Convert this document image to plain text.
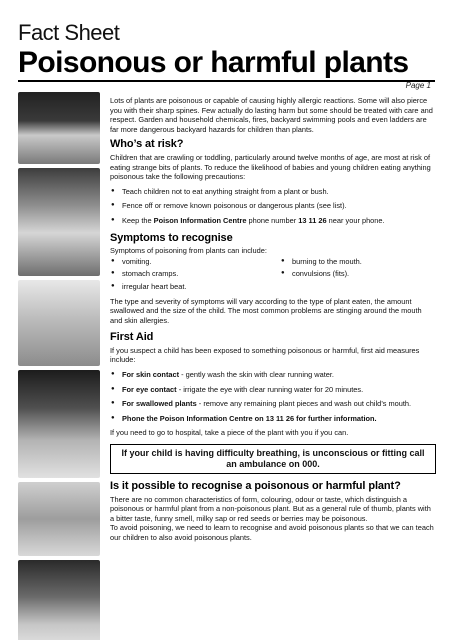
Fact Sheet
Poisonous or harmful plants
Page 1

Lots of plants are poisonous or capable of causing highly allergic reactions. Some will also pierce you with their sharp spines. Few actually do lasting harm but some should be treated with care and respect. Garden and household chemicals, fires, backyard swimming pools and even ladders are far more dangerous backyard hazards for children than plants.

Who’s at risk?

Children that are crawling or toddling, particularly around twelve months of age, are most at risk of eating strange bits of plants. To reduce the likelihood of babies and young children eating anything poisonous take the following precautions:

● Teach children not to eat anything straight from a plant or bush.
● Fence off or remove known poisonous or dangerous plants (see list).
● Keep the Poison Information Centre phone number 13 11 26 near your phone.
Symptoms to recognise

Symptoms of poisoning from plants can include:

● vomiting.
● stomach cramps.
● irregular heart beat.
● burning to the mouth.
● convulsions (fits).

The type and severity of symptoms will vary according to the type of plant eaten, the amount swallowed and the size of the child. The most common problems are stinging around the mouth and skin allergies.

First Aid

If you suspect a child has been exposed to something poisonous or harmful, first aid measures include:

● For skin contact - gently wash the skin with clear running water.
● For eye contact - irrigate the eye with clear running water for 20 minutes.
● For swallowed plants - remove any remaining plant pieces and wash out child’s mouth.
● Phone the Poison Information Centre on 13 11 26 for further information.

If you need to go to hospital, take a piece of the plant with you if you can.

If your child is having difficulty breathing, is unconscious or fitting call an ambulance on 000.
Is it possible to recognise a poisonous or harmful plant?

There are no common characteristics of form, colouring, odour or taste, which distinguish a poisonous or harmful plant from a non-poisonous plant. But as a general rule of thumb, plants with a bitter taste, funny smell, milky sap or red seeds or berries may be poisonous.

To avoid poisoning, we need to learn to recognise and avoid poisonous plants so that we can teach our children to also avoid poisonous plants.
